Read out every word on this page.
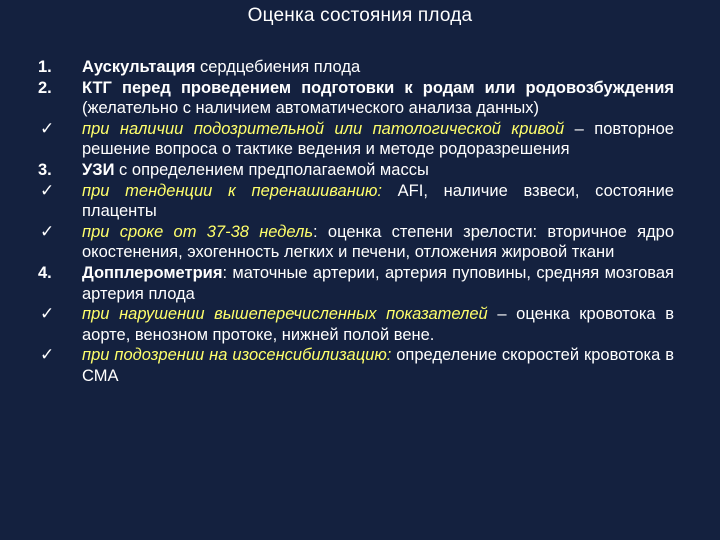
Оценка состояния плода
1.	Аускультация сердцебиения плода
2.	КТГ перед проведением подготовки к родам или родовозбуждения (желательно с наличием автоматического анализа данных)
✓	при наличии подозрительной или патологической кривой – повторное решение вопроса о тактике ведения и методе родоразрешения
3.	УЗИ с определением предполагаемой массы
✓	при тенденции к перенашиванию: AFI, наличие взвеси, состояние плаценты
✓	при сроке от 37-38 недель: оценка степени зрелости: вторичное ядро окостенения, эхогенность легких и печени, отложения жировой ткани
4.	Допплерометрия: маточные артерии, артерия пуповины, средняя мозговая артерия плода
✓	при нарушении вышеперечисленных показателей – оценка кровотока в аорте, венозном протоке, нижней полой вене.
✓	при подозрении на изосенсибилизацию: определение скоростей кровотока в СМА
